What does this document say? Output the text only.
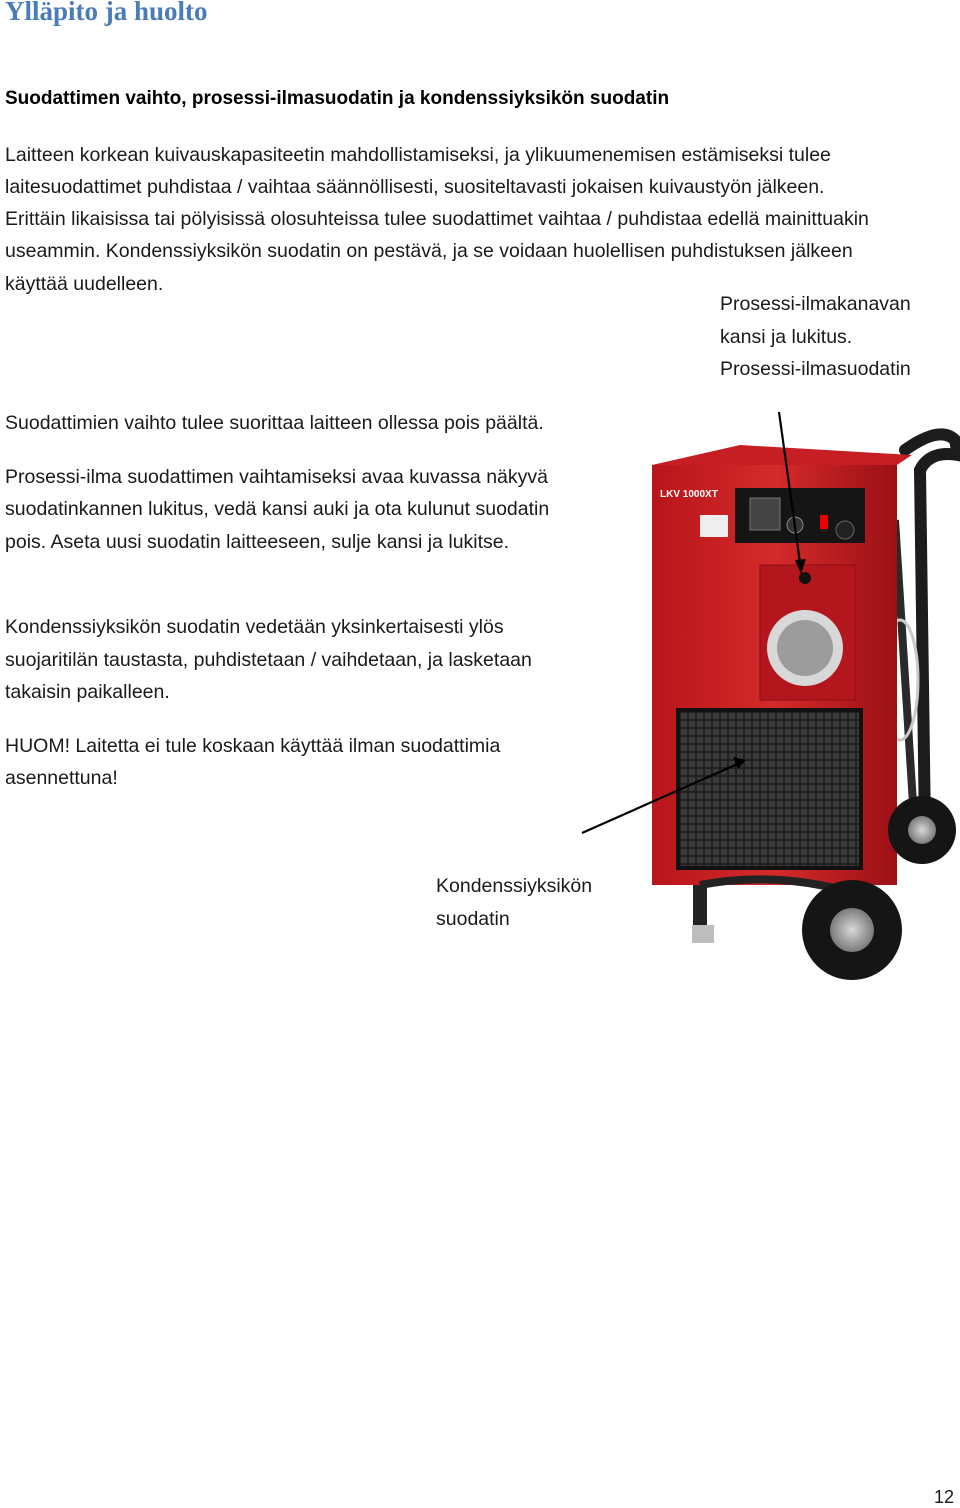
Ylläpito ja huolto
Suodattimen vaihto, prosessi-ilmasuodatin ja kondenssiyksikön suodatin

Laitteen korkean kuivauskapasiteetin mahdollistamiseksi, ja ylikuumenemisen estämiseksi tulee

laitesuodattimet puhdistaa / vaihtaa säännöllisesti, suositeltavasti jokaisen kuivaustyön jälkeen.

Erittäin likaisissa tai pölyisissä olosuhteissa tulee suodattimet vaihtaa / puhdistaa edellä mainittuakin

useammin. Kondenssiyksikön suodatin on pestävä, ja se voidaan huolellisen puhdistuksen jälkeen

käyttää uudelleen.

Prosessi-ilmakanavan

kansi ja lukitus.

Prosessi-ilmasuodatin

Suodattimien vaihto tulee suorittaa laitteen ollessa pois päältä.

Prosessi-ilma suodattimen vaihtamiseksi avaa kuvassa näkyvä

suodatinkannen lukitus, vedä kansi auki ja ota kulunut suodatin

pois. Aseta uusi suodatin laitteeseen, sulje kansi ja lukitse.

Kondenssiyksikön suodatin vedetään yksinkertaisesti ylös

suojaritilän taustasta, puhdistetaan / vaihdetaan, ja lasketaan

takaisin paikalleen.

HUOM! Laitetta ei tule koskaan käyttää ilman suodattimia

asennettuna!

Kondenssiyksikön

suodatin

LKV 1000XT
12
